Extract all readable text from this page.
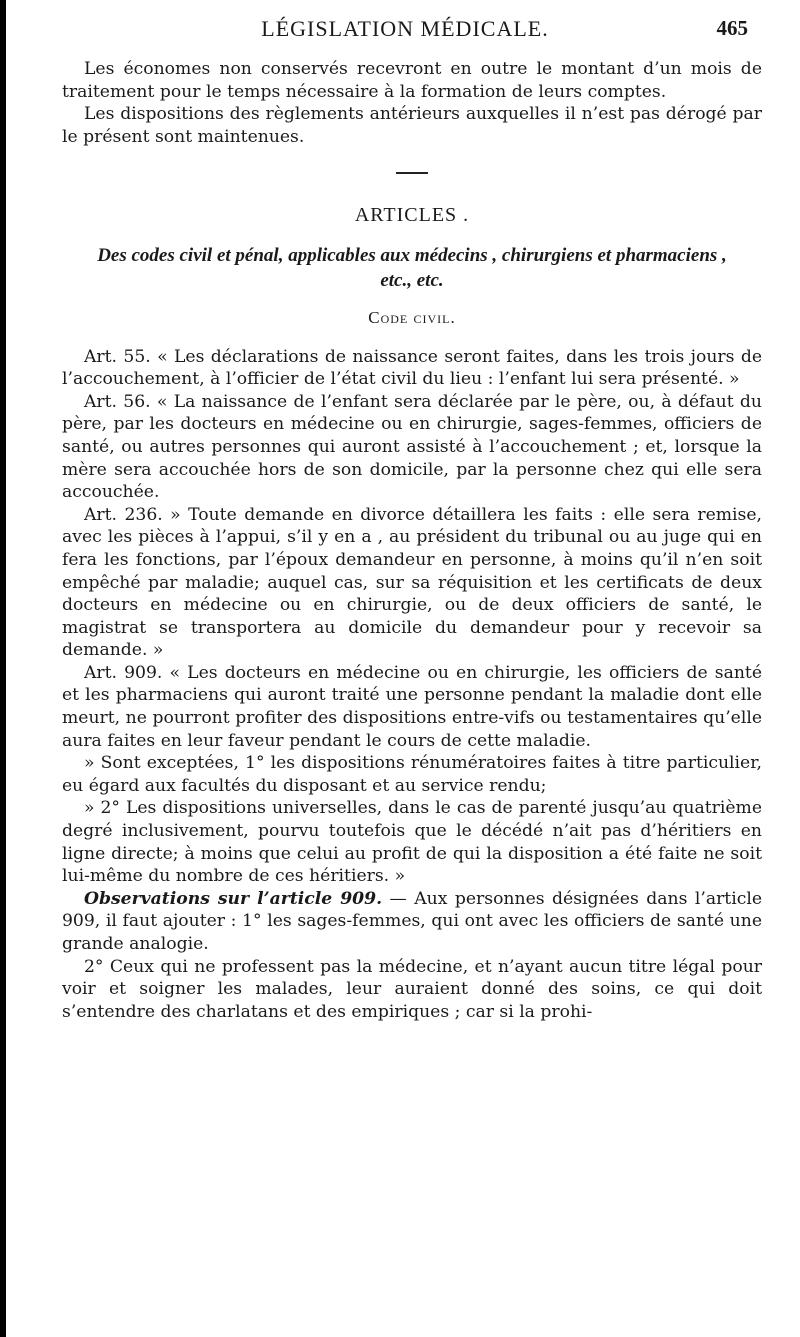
LÉGISLATION MÉDICALE.	465

Les économes non conservés recevront en outre le montant d’un mois de traitement pour le temps nécessaire à la formation de leurs comptes.

Les dispositions des règlements antérieurs auxquelles il n’est pas dérogé par le présent sont maintenues.

ARTICLES .
Des codes civil et pénal, applicables aux médecins , chirurgiens et pharmaciens , etc., etc.
Code civil.

Art. 55. « Les déclarations de naissance seront faites, dans les trois jours de l’accouchement, à l’officier de l’état civil du lieu : l’enfant lui sera présenté. »

Art. 56. « La naissance de l’enfant sera déclarée par le père, ou, à défaut du père, par les docteurs en médecine ou en chirurgie, sages-femmes, officiers de santé, ou autres personnes qui auront assisté à l’accouchement ; et, lorsque la mère sera accouchée hors de son domicile, par la personne chez qui elle sera accouchée.

Art. 236. » Toute demande en divorce détaillera les faits : elle sera remise, avec les pièces à l’appui, s’il y en a , au président du tribunal ou au juge qui en fera les fonctions, par l’époux demandeur en personne, à moins qu’il n’en soit empêché par maladie; auquel cas, sur sa réquisition et les certificats de deux docteurs en médecine ou en chirurgie, ou de deux officiers de santé, le magistrat se transportera au domicile du demandeur pour y recevoir sa demande. »

Art. 909. « Les docteurs en médecine ou en chirurgie, les officiers de santé et les pharmaciens qui auront traité une personne pendant la maladie dont elle meurt, ne pourront profiter des dispositions entre-vifs ou testamentaires qu’elle aura faites en leur faveur pendant le cours de cette maladie.

» Sont exceptées, 1° les dispositions rénumératoires faites à titre particulier, eu égard aux facultés du disposant et au service rendu;

» 2° Les dispositions universelles, dans le cas de parenté jusqu’au quatrième degré inclusivement, pourvu toutefois que le décédé n’ait pas d’héritiers en ligne directe; à moins que celui au profit de qui la disposition a été faite ne soit lui-même du nombre de ces héritiers. »

Observations sur l’article 909. — Aux personnes désignées dans l’article 909, il faut ajouter : 1° les sages-femmes, qui ont avec les officiers de santé une grande analogie.

2° Ceux qui ne professent pas la médecine, et n’ayant aucun titre légal pour voir et soigner les malades, leur auraient donné des soins, ce qui doit s’entendre des charlatans et des empiriques ; car si la prohi-
